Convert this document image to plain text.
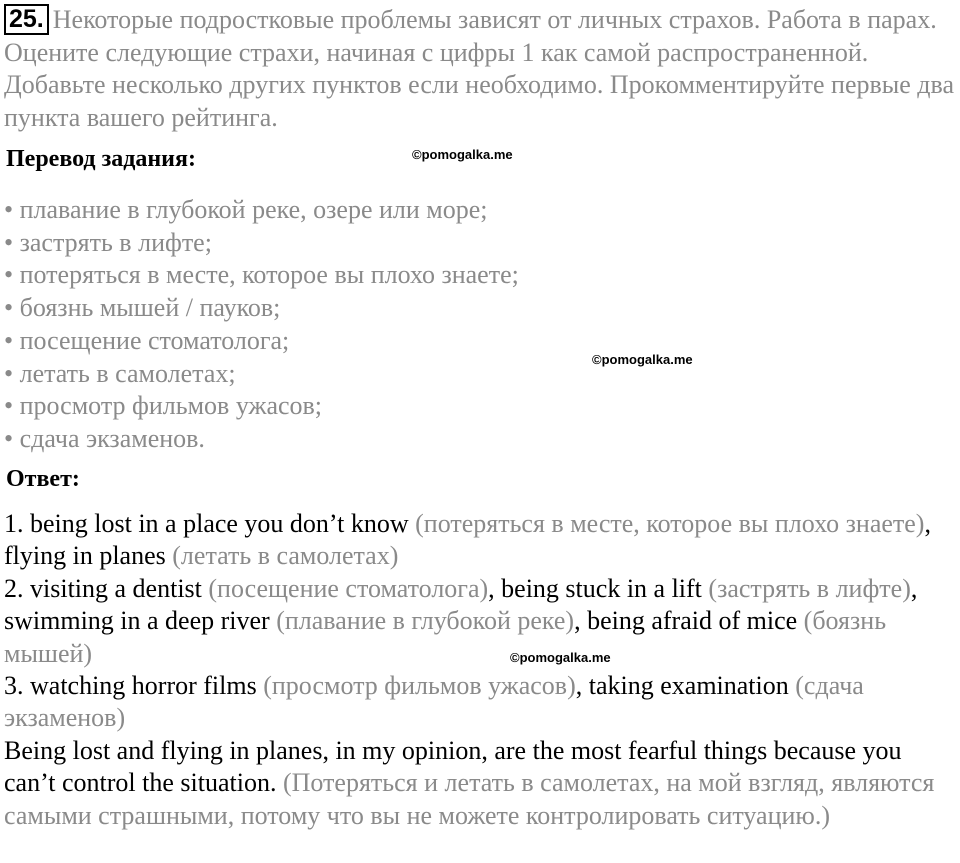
25. Некоторые подростковые проблемы зависят от личных страхов. Работа в парах. Оцените следующие страхи, начиная с цифры 1 как самой распространенной. Добавьте несколько других пунктов если необходимо. Прокомментируйте первые два пункта вашего рейтинга.
Перевод задания:	©pomogalka.me
• плавание в глубокой реке, озере или море;
• застрять в лифте;
• потеряться в месте, которое вы плохо знаете;
• боязнь мышей / пауков;
• посещение стоматолога;
• летать в самолетах;
• просмотр фильмов ужасов;
• сдача экзаменов.
©pomogalka.me
Ответ:

1. being lost in a place you don’t know (потеряться в месте, которое вы плохо знаете), flying in planes (летать в самолетах)

2. visiting a dentist (посещение стоматолога), being stuck in a lift (застрять в лифте), swimming in a deep river (плавание в глубокой реке), being afraid of mice (боязнь мышей)

3. watching horror films (просмотр фильмов ужасов), taking examination (сдача экзаменов)

Being lost and flying in planes, in my opinion, are the most fearful things because you can’t control the situation. (Потеряться и летать в самолетах, на мой взгляд, являются самыми страшными, потому что вы не можете контролировать ситуацию.)

©pomogalka.me
